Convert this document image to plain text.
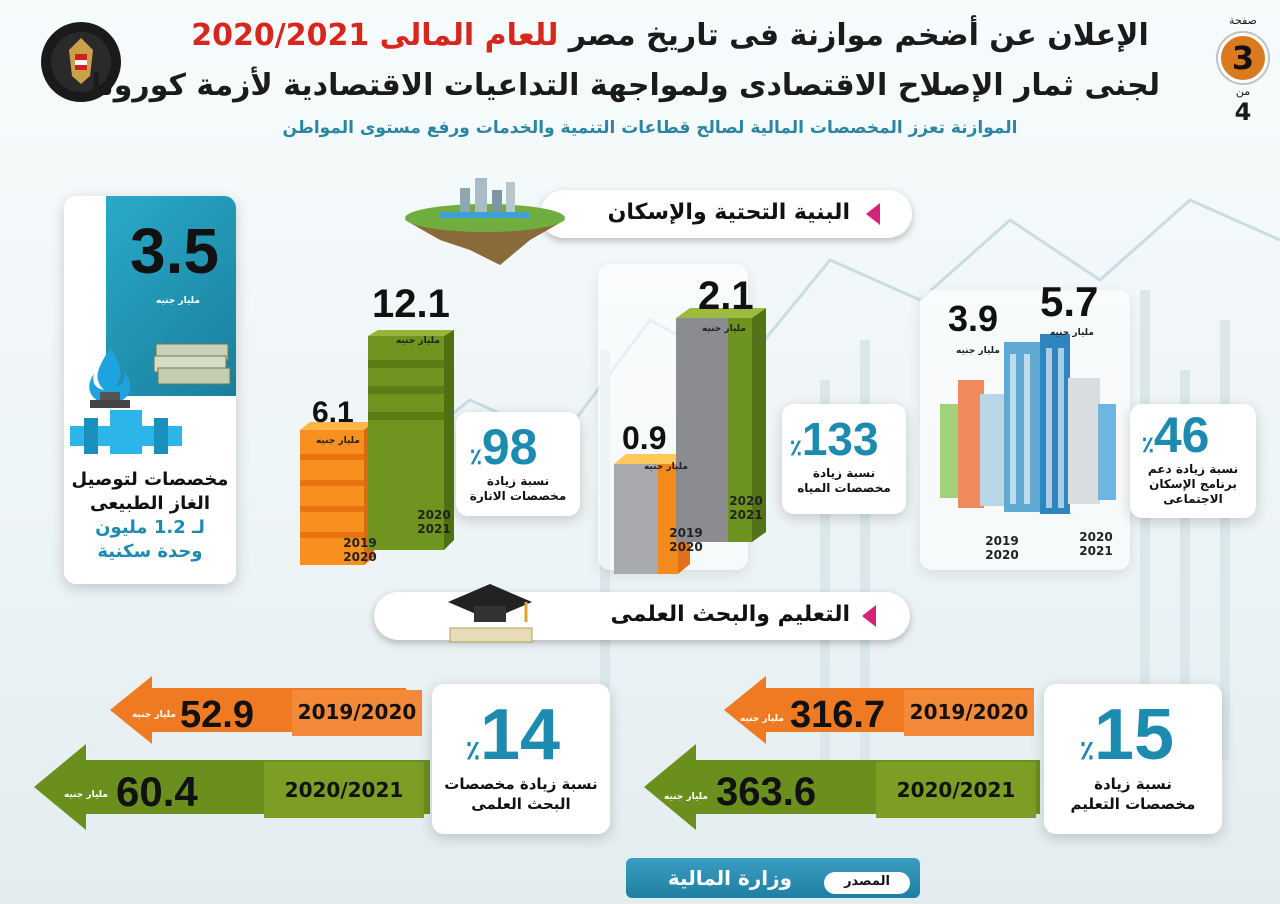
الإعلان عن أضخم موازنة فى تاريخ مصر للعام المالى 2020/2021
لجنى ثمار الإصلاح الاقتصادى ولمواجهة التداعيات الاقتصادية لأزمة كورونا
الموازنة تعزز المخصصات المالية لصالح قطاعات التنمية والخدمات ورفع مستوى المواطن
صفحة
3
من
4
البنية التحتية والإسكان
3.5
مليار جنيه
مخصصات لتوصيل
الغاز الطبيعى
لـ 1.2 مليون
وحدة سكنية
٪98
نسبة زيادة
مخصصات الانارة
6.1
مليار جنيه
12.1
مليار جنيه
2019
2020
2020
2021
٪133
نسبة زيادة
مخصصات المياه
0.9
مليار جنيه
2.1
مليار جنيه
2019
2020
2020
2021
٪46
نسبة زيادة دعم
برنامج الإسكان
الاجتماعى
3.9
مليار جنيه
5.7
مليار جنيه
2019
2020
2020
2021
التعليم والبحث العلمى
2019/2020
52.9
مليار جنيه
2020/2021
60.4
مليار جنيه
٪14
نسبة زيادة مخصصات
البحث العلمى
2019/2020
316.7
مليار جنيه
2020/2021
363.6
مليار جنيه
٪15
نسبة زيادة
مخصصات التعليم
وزارة المالية	المصدر
